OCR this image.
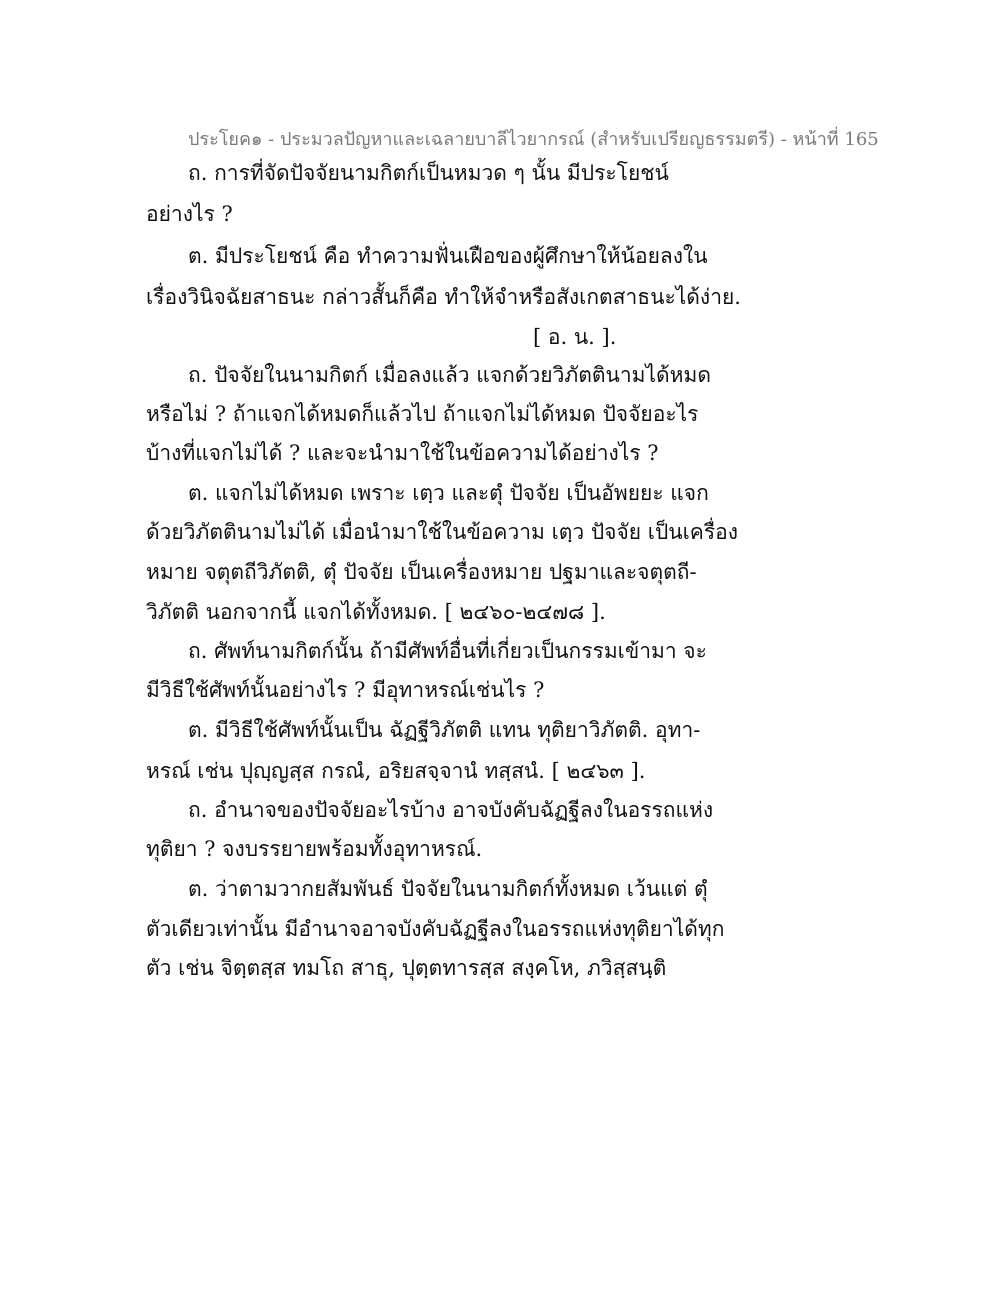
ประโยค๑ - ประมวลปัญหาและเฉลายบาลีไวยากรณ์ (สำหรับเปรียญธรรมตรี) - หน้าที่ 165
ถ. การที่จัดปัจจัยนามกิตก์เป็นหมวด ๆ นั้น มีประโยชน์
อย่างไร ?
ต. มีประโยชน์ คือ ทำความฟั่นเฝือของผู้ศึกษาให้น้อยลงใน
เรื่องวินิจฉัยสาธนะ กล่าวสั้นก็คือ ทำให้จำหรือสังเกตสาธนะได้ง่าย.
[ อ. น. ].
ถ. ปัจจัยในนามกิตก์ เมื่อลงแล้ว แจกด้วยวิภัตตินามได้หมด
หรือไม่ ? ถ้าแจกได้หมดก็แล้วไป ถ้าแจกไม่ได้หมด ปัจจัยอะไร
บ้างที่แจกไม่ได้ ? และจะนำมาใช้ในข้อความได้อย่างไร ?
ต. แจกไม่ได้หมด เพราะ เตฺว และตุํ ปัจจัย เป็นอัพยยะ แจก
ด้วยวิภัตตินามไม่ได้ เมื่อนำมาใช้ในข้อความ เตฺว ปัจจัย เป็นเครื่อง
หมาย จตุตถีวิภัตติ, ตุํ ปัจจัย เป็นเครื่องหมาย ปฐมาและจตุตถี-
วิภัตติ นอกจากนี้ แจกได้ทั้งหมด. [ ๒๔๖๐-๒๔๗๘ ].
ถ. ศัพท์นามกิตก์นั้น ถ้ามีศัพท์อื่นที่เกี่ยวเป็นกรรมเข้ามา จะ
มีวิธีใช้ศัพท์นั้นอย่างไร ? มีอุทาหรณ์เช่นไร ?
ต. มีวิธีใช้ศัพท์นั้นเป็น ฉัฏฐีวิภัตติ แทน ทุติยาวิภัตติ. อุทา-
หรณ์ เช่น ปุญฺญสฺส กรณํ, อริยสจฺจานํ ทสฺสนํ. [ ๒๔๖๓ ].
ถ. อำนาจของปัจจัยอะไรบ้าง อาจบังคับฉัฏฐีลงในอรรถแห่ง
ทุติยา ? จงบรรยายพร้อมทั้งอุทาหรณ์.
ต. ว่าตามวากยสัมพันธ์ ปัจจัยในนามกิตก์ทั้งหมด เว้นแต่ ตุํ
ตัวเดียวเท่านั้น มีอำนาจอาจบังคับฉัฏฐีลงในอรรถแห่งทุติยาได้ทุก
ตัว เช่น จิตฺตสฺส ทมโถ สาธุ, ปุตฺตทารสฺส สงฺคโห, ภวิสฺสนฺติ
